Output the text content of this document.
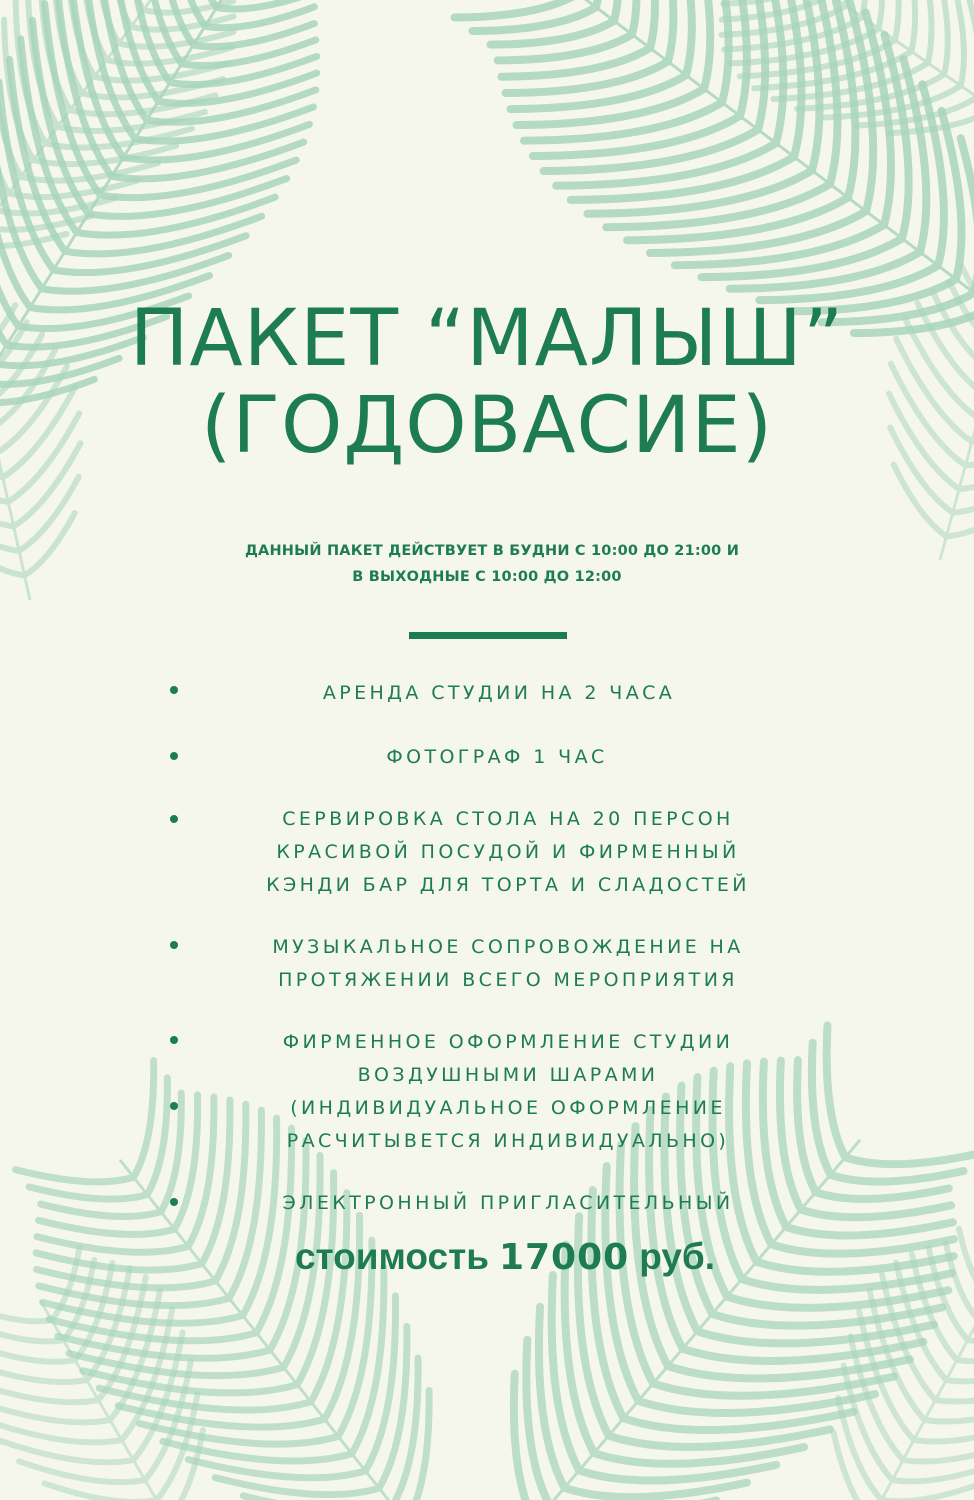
ПАКЕТ “МАЛЫШ”
(ГОДОВАСИЕ)
ДАННЫЙ ПАКЕТ ДЕЙСТВУЕТ В БУДНИ С 10:00 ДО 21:00 И
В ВЫХОДНЫЕ С 10:00 ДО 12:00
АРЕНДА СТУДИИ НА 2 ЧАСА
ФОТОГРАФ 1 ЧАС
СЕРВИРОВКА СТОЛА НА 20 ПЕРСОН
КРАСИВОЙ ПОСУДОЙ И ФИРМЕННЫЙ
КЭНДИ БАР ДЛЯ ТОРТА И СЛАДОСТЕЙ
МУЗЫКАЛЬНОЕ СОПРОВОЖДЕНИЕ НА
ПРОТЯЖЕНИИ ВСЕГО МЕРОПРИЯТИЯ
ФИРМЕННОЕ ОФОРМЛЕНИЕ СТУДИИ
ВОЗДУШНЫМИ ШАРАМИ
(ИНДИВИДУАЛЬНОЕ ОФОРМЛЕНИЕ
РАСЧИТЫВЕТСЯ ИНДИВИДУАЛЬНО)
ЭЛЕКТРОННЫЙ ПРИГЛАСИТЕЛЬНЫЙ
стоимость 17000 руб.
